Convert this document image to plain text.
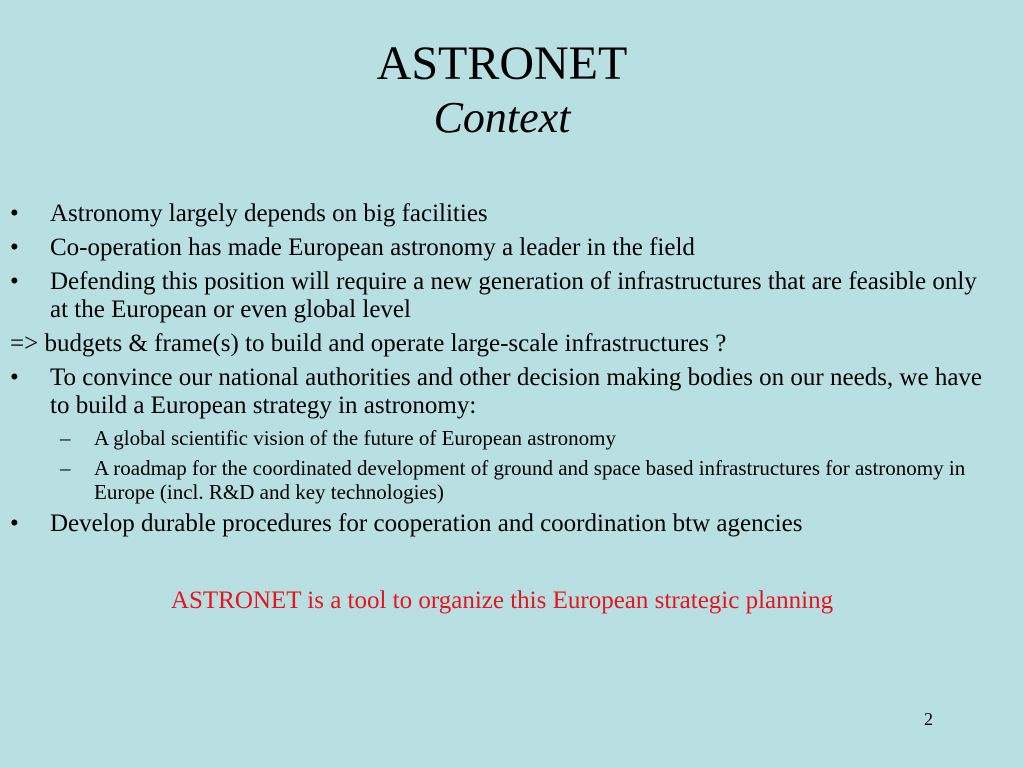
ASTRONET
Context
• Astronomy largely depends on big facilities
• Co-operation has made European astronomy a leader in the field
• Defending this position will require a new generation of infrastructures that are feasible only at the European or even global level
=> budgets & frame(s) to build and operate large-scale infrastructures ?
• To convince our national authorities and other decision making bodies on our needs, we have to build a European strategy in astronomy:
– A global scientific vision of the future of European astronomy
– A roadmap for the coordinated development of ground and space based infrastructures for astronomy in Europe (incl. R&D and key technologies)
• Develop durable procedures for cooperation and coordination btw agencies
ASTRONET is a tool to organize this European strategic planning
2
